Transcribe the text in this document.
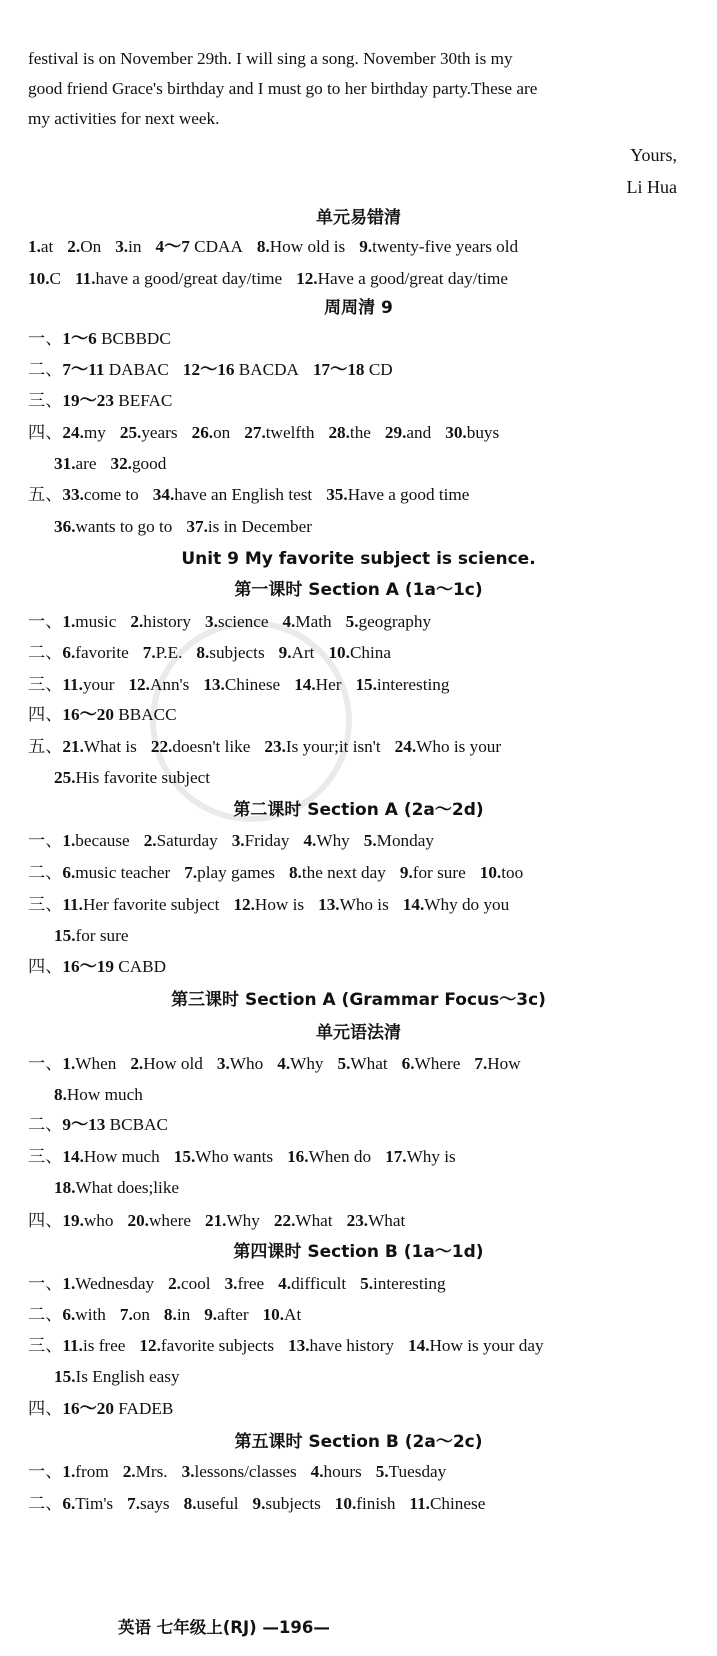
festival is on November 29th. I will sing a song. November 30th is my
good friend Grace's birthday and I must go to her birthday party.These are
my activities for next week.
Yours,
Li Hua
单元易错清
1.at 2.On 3.in 4～7 CDAA 8.How old is 9.twenty-five years old
10.C 11.have a good/great day/time 12.Have a good/great day/time
周周清 9
一、1～6 BCBBDC
二、7～11 DABAC 12～16 BACDA 17～18 CD
三、19～23 BEFAC
四、24.my 25.years 26.on 27.twelfth 28.the 29.and 30.buys
31.are 32.good
五、33.come to 34.have an English test 35.Have a good time
36.wants to go to 37.is in December
Unit 9 My favorite subject is science.
第一课时 Section A (1a～1c)
一、1.music 2.history 3.science 4.Math 5.geography
二、6.favorite 7.P.E. 8.subjects 9.Art 10.China
三、11.your 12.Ann's 13.Chinese 14.Her 15.interesting
四、16～20 BBACC
五、21.What is 22.doesn't like 23.Is your;it isn't 24.Who is your
25.His favorite subject
第二课时 Section A (2a～2d)
一、1.because 2.Saturday 3.Friday 4.Why 5.Monday
二、6.music teacher 7.play games 8.the next day 9.for sure 10.too
三、11.Her favorite subject 12.How is 13.Who is 14.Why do you
15.for sure
四、16～19 CABD
第三课时 Section A (Grammar Focus～3c)
单元语法清
一、1.When 2.How old 3.Who 4.Why 5.What 6.Where 7.How
8.How much
二、9～13 BCBAC
三、14.How much 15.Who wants 16.When do 17.Why is
18.What does;like
四、19.who 20.where 21.Why 22.What 23.What
第四课时 Section B (1a～1d)
一、1.Wednesday 2.cool 3.free 4.difficult 5.interesting
二、6.with 7.on 8.in 9.after 10.At
三、11.is free 12.favorite subjects 13.have history 14.How is your day
15.Is English easy
四、16～20 FADEB
第五课时 Section B (2a～2c)
一、1.from 2.Mrs. 3.lessons/classes 4.hours 5.Tuesday
二、6.Tim's 7.says 8.useful 9.subjects 10.finish 11.Chinese
英语 七年级上(RJ) —196—
